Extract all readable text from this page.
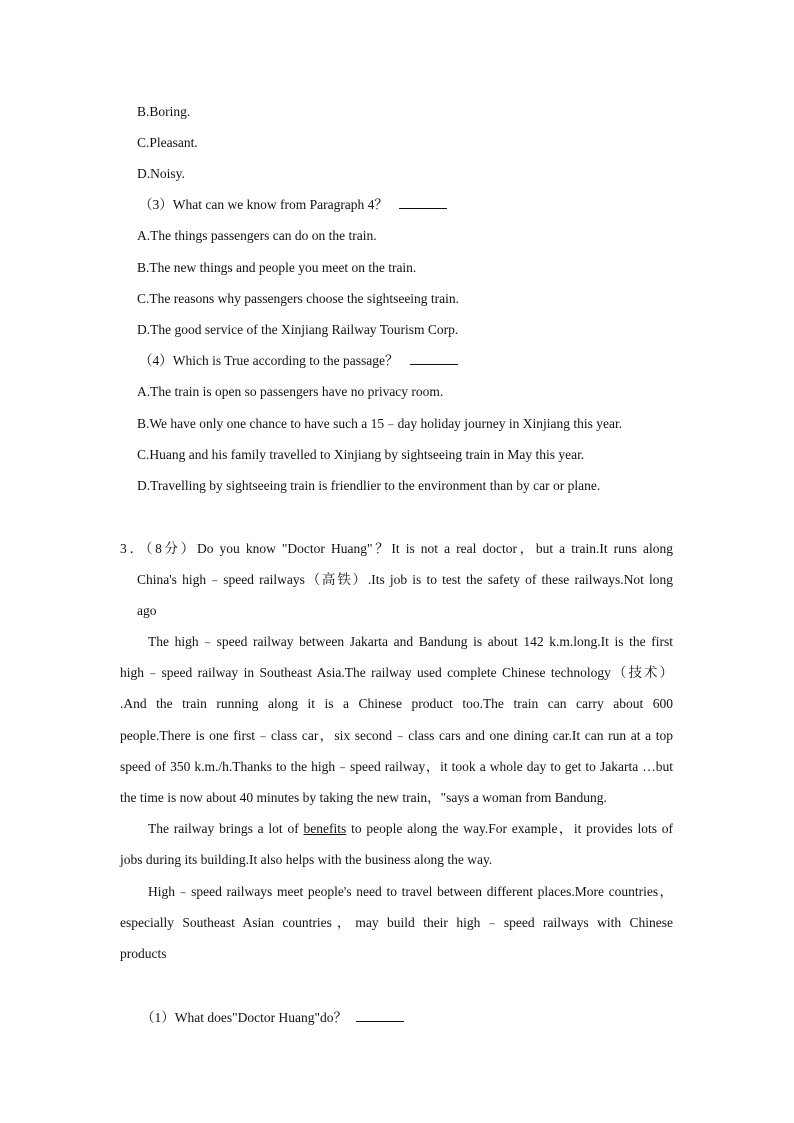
B.Boring.
C.Pleasant.
D.Noisy.
（3）What can we know from Paragraph 4？
A.The things passengers can do on the train.
B.The new things and people you meet on the train.
C.The reasons why passengers choose the sightseeing train.
D.The good service of the Xinjiang Railway Tourism Corp.
（4）Which is True according to the passage？
A.The train is open so passengers have no privacy room.
B.We have only one chance to have such a 15﹣day holiday journey in Xinjiang this year.
C.Huang and his family travelled to Xinjiang by sightseeing train in May this year.
D.Travelling by sightseeing train is friendlier to the environment than by car or plane.
3．（8分）Do you know "Doctor Huang"？It is not a real doctor，but a train.It runs along
China's high﹣speed railways（高铁）.Its job is to test the safety of these railways.Not long
ago
The high﹣speed railway between Jakarta and Bandung is about 142 k.m.long.It is the first
high﹣speed railway in Southeast Asia.The railway used complete Chinese technology（技术）
.And the train running along it is a Chinese product too.The train can carry about 600
people.There is one first﹣class car，six second﹣class cars and one dining car.It can run at a top
speed of 350 k.m./h.Thanks to the high﹣speed railway，it took a whole day to get to Jakarta …but
the time is now about 40 minutes by taking the new train，"says a woman from Bandung.
The railway brings a lot of benefits to people along the way.For example，it provides lots of
jobs during its building.It also helps with the business along the way.
High﹣speed railways meet people's need to travel between different places.More countries，
especially Southeast Asian countries，may build their high﹣speed railways with Chinese
products
（1）What does"Doctor Huang"do？
